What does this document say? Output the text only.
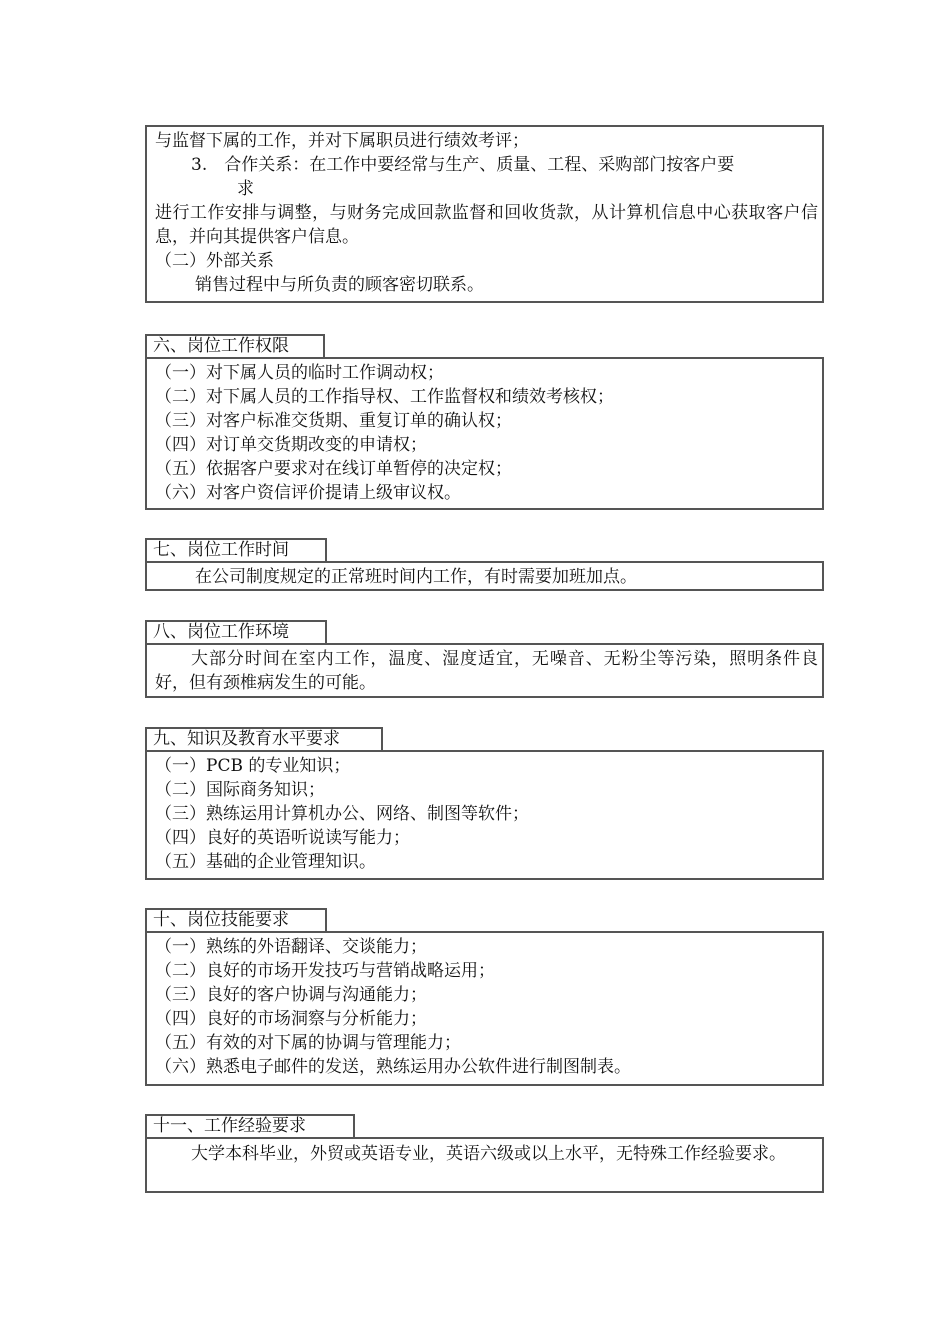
与监督下属的工作，并对下属职员进行绩效考评；
3.　合作关系：在工作中要经常与生产、质量、工程、采购部门按客户要
求
进行工作安排与调整，与财务完成回款监督和回收货款，从计算机信息中心获取客户信息，并向其提供客户信息。
（二）外部关系
销售过程中与所负责的顾客密切联系。
六、岗位工作权限
（一）对下属人员的临时工作调动权；
（二）对下属人员的工作指导权、工作监督权和绩效考核权；
（三）对客户标准交货期、重复订单的确认权；
（四）对订单交货期改变的申请权；
（五）依据客户要求对在线订单暂停的决定权；
（六）对客户资信评价提请上级审议权。
七、岗位工作时间
在公司制度规定的正常班时间内工作，有时需要加班加点。
八、岗位工作环境
大部分时间在室内工作，温度、湿度适宜，无噪音、无粉尘等污染，照明条件良好，但有颈椎病发生的可能。
九、知识及教育水平要求
（一）PCB 的专业知识；
（二）国际商务知识；
（三）熟练运用计算机办公、网络、制图等软件；
（四）良好的英语听说读写能力；
（五）基础的企业管理知识。
十、岗位技能要求
（一）熟练的外语翻译、交谈能力；
（二）良好的市场开发技巧与营销战略运用；
（三）良好的客户协调与沟通能力；
（四）良好的市场洞察与分析能力；
（五）有效的对下属的协调与管理能力；
（六）熟悉电子邮件的发送，熟练运用办公软件进行制图制表。
十一、工作经验要求
大学本科毕业，外贸或英语专业，英语六级或以上水平，无特殊工作经验要求。
